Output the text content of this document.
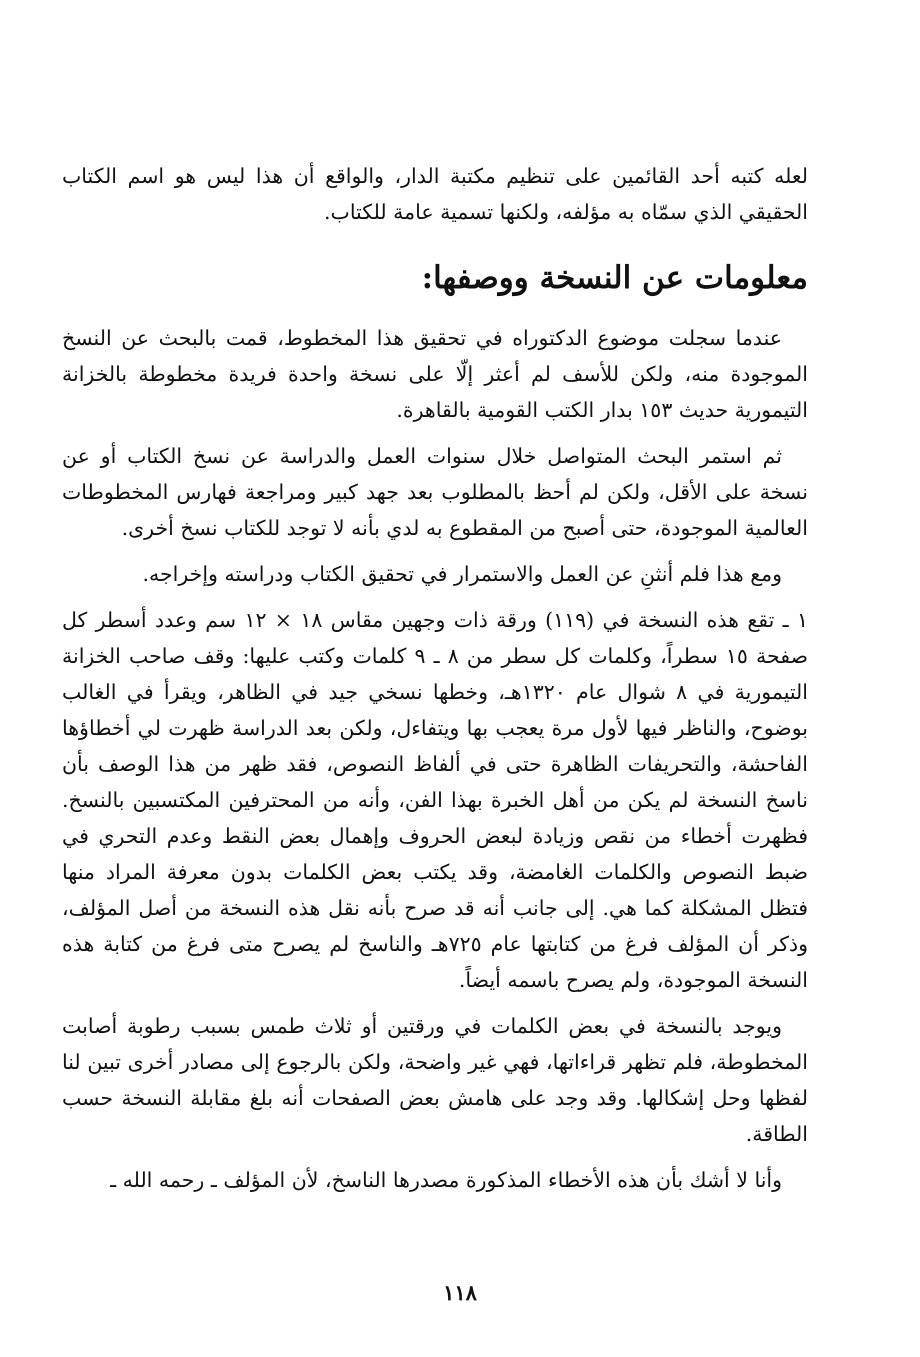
لعله كتبه أحد القائمين على تنظيم مكتبة الدار، والواقع أن هذا ليس هو اسم الكتاب الحقيقي الذي سمّاه به مؤلفه، ولكنها تسمية عامة للكتاب.

معلومات عن النسخة ووصفها:

عندما سجلت موضوع الدكتوراه في تحقيق هذا المخطوط، قمت بالبحث عن النسخ الموجودة منه، ولكن للأسف لم أعثر إلّا على نسخة واحدة فريدة مخطوطة بالخزانة التيمورية حديث ١٥٣ بدار الكتب القومية بالقاهرة.

ثم استمر البحث المتواصل خلال سنوات العمل والدراسة عن نسخ الكتاب أو عن نسخة على الأقل، ولكن لم أحظ بالمطلوب بعد جهد كبير ومراجعة فهارس المخطوطات العالمية الموجودة، حتى أصبح من المقطوع به لدي بأنه لا توجد للكتاب نسخ أخرى.

ومع هذا فلم أنثنِ عن العمل والاستمرار في تحقيق الكتاب ودراسته وإخراجه.

١ ـ تقع هذه النسخة في (١١٩) ورقة ذات وجهين مقاس ١٨ × ١٢ سم وعدد أسطر كل صفحة ١٥ سطراً، وكلمات كل سطر من ٨ ـ ٩ كلمات وكتب عليها: وقف صاحب الخزانة التيمورية في ٨ شوال عام ١٣٢٠هـ، وخطها نسخي جيد في الظاهر، ويقرأ في الغالب بوضوح، والناظر فيها لأول مرة يعجب بها ويتفاءل، ولكن بعد الدراسة ظهرت لي أخطاؤها الفاحشة، والتحريفات الظاهرة حتى في ألفاظ النصوص، فقد ظهر من هذا الوصف بأن ناسخ النسخة لم يكن من أهل الخبرة بهذا الفن، وأنه من المحترفين المكتسبين بالنسخ. فظهرت أخطاء من نقص وزيادة لبعض الحروف وإهمال بعض النقط وعدم التحري في ضبط النصوص والكلمات الغامضة، وقد يكتب بعض الكلمات بدون معرفة المراد منها فتظل المشكلة كما هي. إلى جانب أنه قد صرح بأنه نقل هذه النسخة من أصل المؤلف، وذكر أن المؤلف فرغ من كتابتها عام ٧٢٥هـ والناسخ لم يصرح متى فرغ من كتابة هذه النسخة الموجودة، ولم يصرح باسمه أيضاً.

ويوجد بالنسخة في بعض الكلمات في ورقتين أو ثلاث طمس بسبب رطوبة أصابت المخطوطة، فلم تظهر قراءاتها، فهي غير واضحة، ولكن بالرجوع إلى مصادر أخرى تبين لنا لفظها وحل إشكالها. وقد وجد على هامش بعض الصفحات أنه بلغ مقابلة النسخة حسب الطاقة.

وأنا لا أشك بأن هذه الأخطاء المذكورة مصدرها الناسخ، لأن المؤلف ـ رحمه الله ـ

١١٨
